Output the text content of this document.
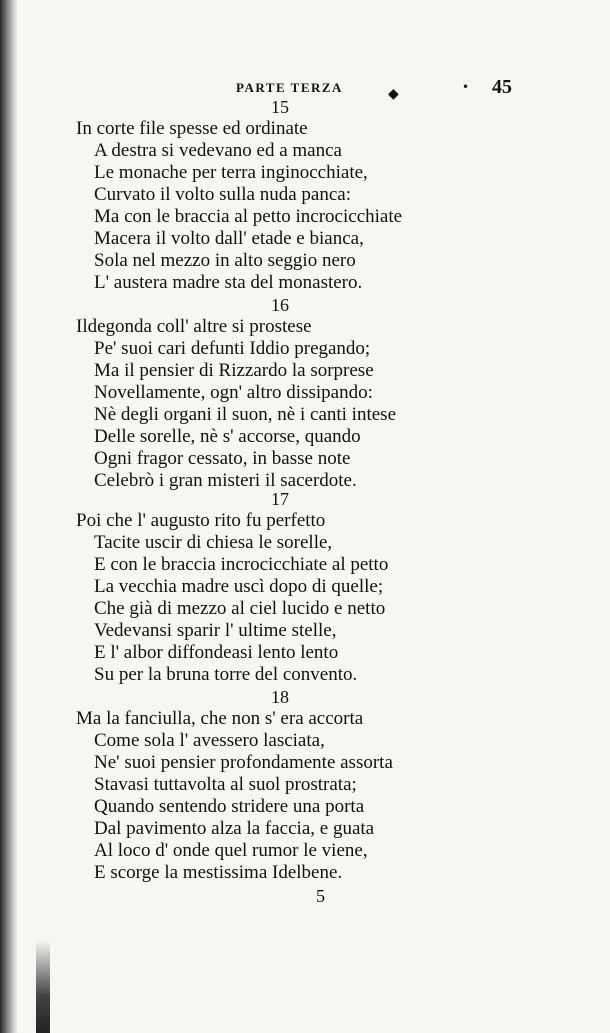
PARTE TERZA	◆	• 45
15
In corte file spesse ed ordinate
A destra si vedevano ed a manca
Le monache per terra inginocchiate,
Curvato il volto sulla nuda panca:
Ma con le braccia al petto incrocicchiate
Macera il volto dall' etade e bianca,
Sola nel mezzo in alto seggio nero
L' austera madre sta del monastero.
16
Ildegonda coll' altre si prostese
Pe' suoi cari defunti Iddio pregando;
Ma il pensier di Rizzardo la sorprese
Novellamente, ogn' altro dissipando:
Nè degli organi il suon, nè i canti intese
Delle sorelle, nè s' accorse, quando
Ogni fragor cessato, in basse note
Celebrò i gran misteri il sacerdote.
17
Poi che l' augusto rito fu perfetto
Tacite uscir di chiesa le sorelle,
E con le braccia incrocicchiate al petto
La vecchia madre uscì dopo di quelle;
Che già di mezzo al ciel lucido e netto
Vedevansi sparir l' ultime stelle,
E l' albor diffondeasi lento lento
Su per la bruna torre del convento.
18
Ma la fanciulla, che non s' era accorta
Come sola l' avessero lasciata,
Ne' suoi pensier profondamente assorta
Stavasi tuttavolta al suol prostrata;
Quando sentendo stridere una porta
Dal pavimento alza la faccia, e guata
Al loco d' onde quel rumor le viene,
E scorge la mestissima Idelbene.
5
